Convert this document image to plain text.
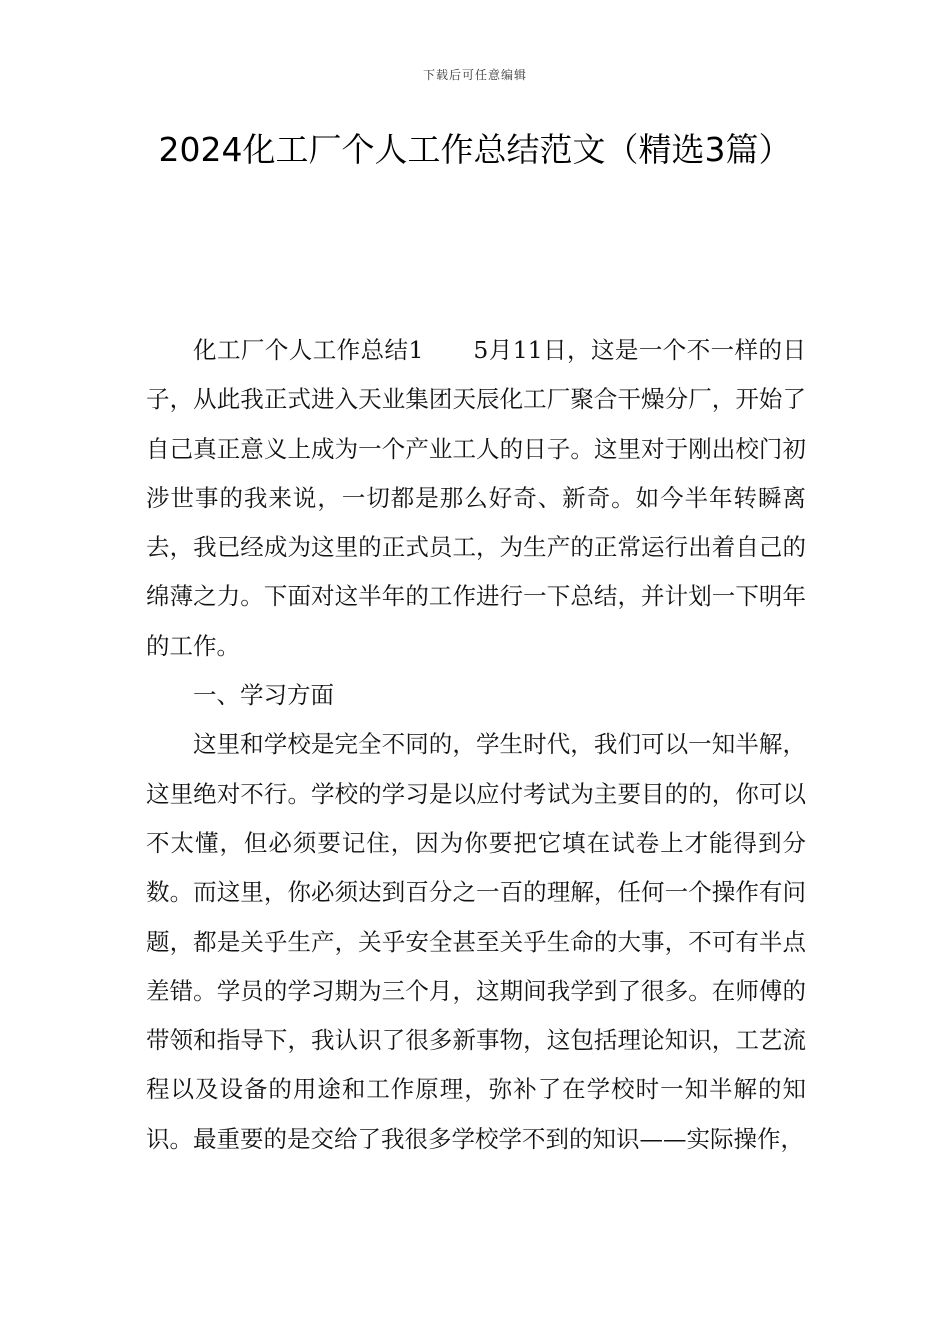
下载后可任意编辑
2024化工厂个人工作总结范文（精选3篇）

化工厂个人工作总结1 5月11日，这是一个不一样的日子，从此我正式进入天业集团天辰化工厂聚合干燥分厂，开始了自己真正意义上成为一个产业工人的日子。这里对于刚出校门初涉世事的我来说，一切都是那么好奇、新奇。如今半年转瞬离去，我已经成为这里的正式员工，为生产的正常运行出着自己的绵薄之力。下面对这半年的工作进行一下总结，并计划一下明年的工作。

一、学习方面

这里和学校是完全不同的，学生时代，我们可以一知半解，这里绝对不行。学校的学习是以应付考试为主要目的的，你可以不太懂，但必须要记住，因为你要把它填在试卷上才能得到分数。而这里，你必须达到百分之一百的理解，任何一个操作有问题，都是关乎生产，关乎安全甚至关乎生命的大事，不可有半点差错。学员的学习期为三个月，这期间我学到了很多。在师傅的带领和指导下，我认识了很多新事物，这包括理论知识，工艺流程以及设备的用途和工作原理，弥补了在学校时一知半解的知识。最重要的是交给了我很多学校学不到的知识——实际操作，
